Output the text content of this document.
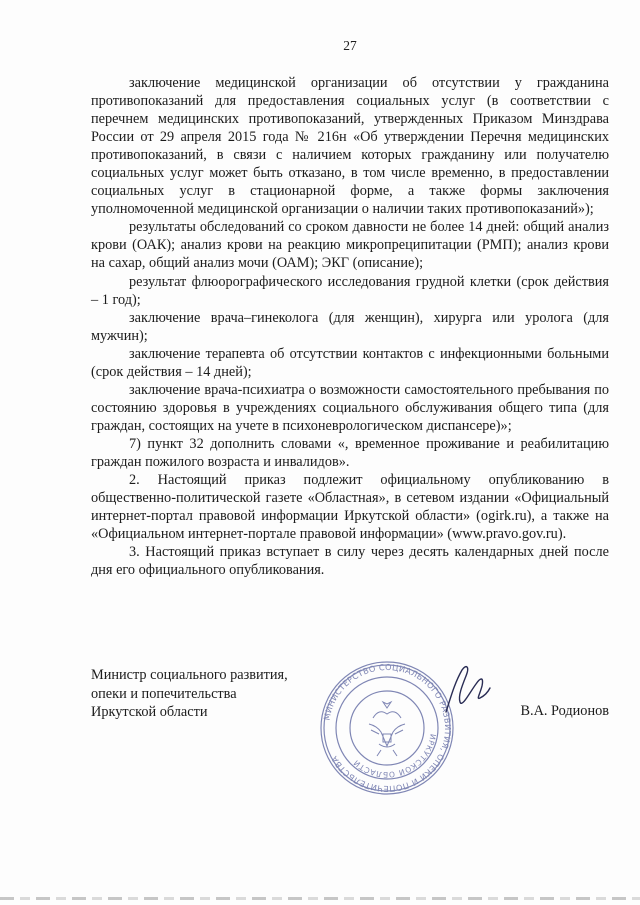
27

заключение медицинской организации об отсутствии у гражданина противопоказаний для предоставления социальных услуг (в соответствии с перечнем медицинских противопоказаний, утвержденных Приказом Минздрава России от 29 апреля 2015 года № 216н «Об утверждении Перечня медицинских противопоказаний, в связи с наличием которых гражданину или получателю социальных услуг может быть отказано, в том числе временно, в предоставлении социальных услуг в стационарной форме, а также формы заключения уполномоченной медицинской организации о наличии таких противопоказаний»);

результаты обследований со сроком давности не более 14 дней: общий анализ крови (ОАК); анализ крови на реакцию микропреципитации (РМП); анализ крови на сахар, общий анализ мочи (ОАМ); ЭКГ (описание);

результат флюорографического исследования грудной клетки (срок действия – 1 год);

заключение врача–гинеколога (для женщин), хирурга или уролога (для мужчин);

заключение терапевта об отсутствии контактов с инфекционными больными (срок действия – 14 дней);

заключение врача-психиатра о возможности самостоятельного пребывания по состоянию здоровья в учреждениях социального обслуживания общего типа (для граждан, состоящих на учете в психоневрологическом диспансере)»;

7) пункт 32 дополнить словами «, временное проживание и реабилитацию граждан пожилого возраста и инвалидов».

2. Настоящий приказ подлежит официальному опубликованию в общественно-политической газете «Областная», в сетевом издании «Официальный интернет-портал правовой информации Иркутской области» (ogirk.ru), а также на «Официальном интернет-портале правовой информации» (www.pravo.gov.ru).

3. Настоящий приказ вступает в силу через десять календарных дней после дня его официального опубликования.

Министр социального развития,
опеки и попечительства
Иркутской области	МИНИСТЕРСТВО СОЦИАЛЬНОГО РАЗВИТИЯ, ОПЕКИ И ПОПЕЧИТЕЛЬСТВА
ИРКУТСКОЙ ОБЛАСТИ
В.А. Родионов
